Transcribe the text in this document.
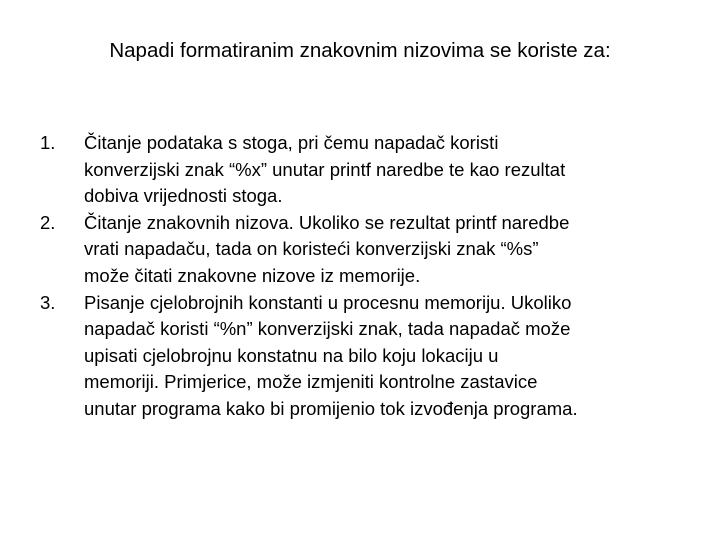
Napadi formatiranim znakovnim nizovima se koriste za:
1.	Čitanje podataka s stoga, pri čemu napadač koristi
konverzijski znak “%x” unutar printf naredbe te kao rezultat
dobiva vrijednosti stoga.
2.	Čitanje znakovnih nizova. Ukoliko se rezultat printf naredbe
vrati napadaču, tada on koristeći konverzijski znak “%s”
može čitati znakovne nizove iz memorije.
3.	Pisanje cjelobrojnih konstanti u procesnu memoriju. Ukoliko
napadač koristi “%n” konverzijski znak, tada napadač može
upisati cjelobrojnu konstatnu na bilo koju lokaciju u
memoriji. Primjerice, može izmjeniti kontrolne zastavice
unutar programa kako bi promijenio tok izvođenja programa.
